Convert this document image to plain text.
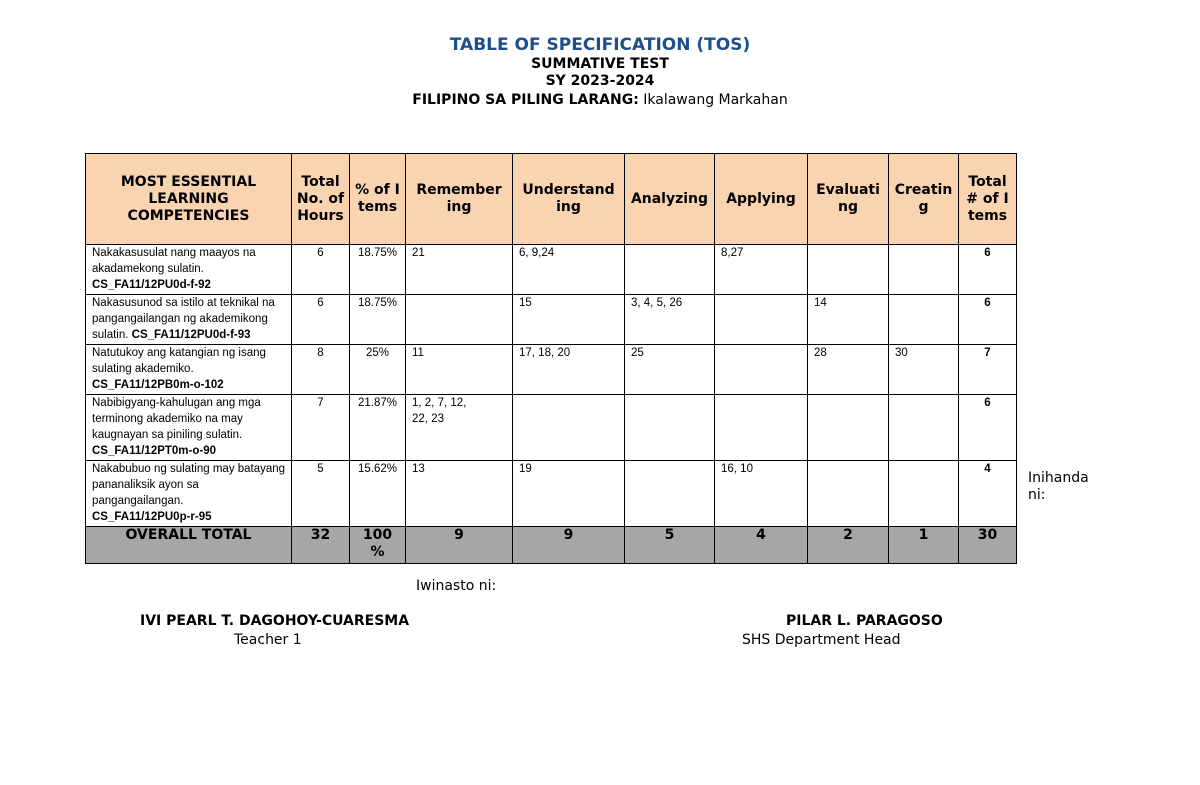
TABLE OF SPECIFICATION (TOS)
SUMMATIVE TEST
SY 2023-2024
FILIPINO SA PILING LARANG: Ikalawang Markahan
MOST ESSENTIAL LEARNING COMPETENCIES	Total No. of Hours	% of Items	Remembering	Understanding	Analyzing	Applying	Evaluating	Creating	Total # of Items
Nakakasusulat nang maayos na akadamekong sulatin.
CS_FA11/12PU0d-f-92	6	18.75%	21	6, 9,24		8,27			6
Nakasusunod sa istilo at teknikal na pangangailangan ng akademikong sulatin. CS_FA11/12PU0d-f-93	6	18.75%		15	3, 4, 5, 26		14		6
Natutukoy ang katangian ng isang sulating akademiko.
CS_FA11/12PB0m-o-102	8	25%	11	17, 18, 20	25		28	30	7
Nabibigyang-kahulugan ang mga terminong akademiko na may kaugnayan sa piniling sulatin.
CS_FA11/12PT0m-o-90	7	21.87%	1, 2, 7, 12, 22, 23						6
Nakabubuo ng sulating may batayang pananaliksik ayon sa pangangailangan.
CS_FA11/12PU0p-r-95	5	15.62%	13	19		16, 10			4
OVERALL TOTAL	32	100 %	9	9	5	4	2	1	30
Inihanda ni:
Iwinasto ni:
IVI PEARL T. DAGOHOY-CUARESMA
Teacher 1
PILAR L. PARAGOSO
SHS Department Head
